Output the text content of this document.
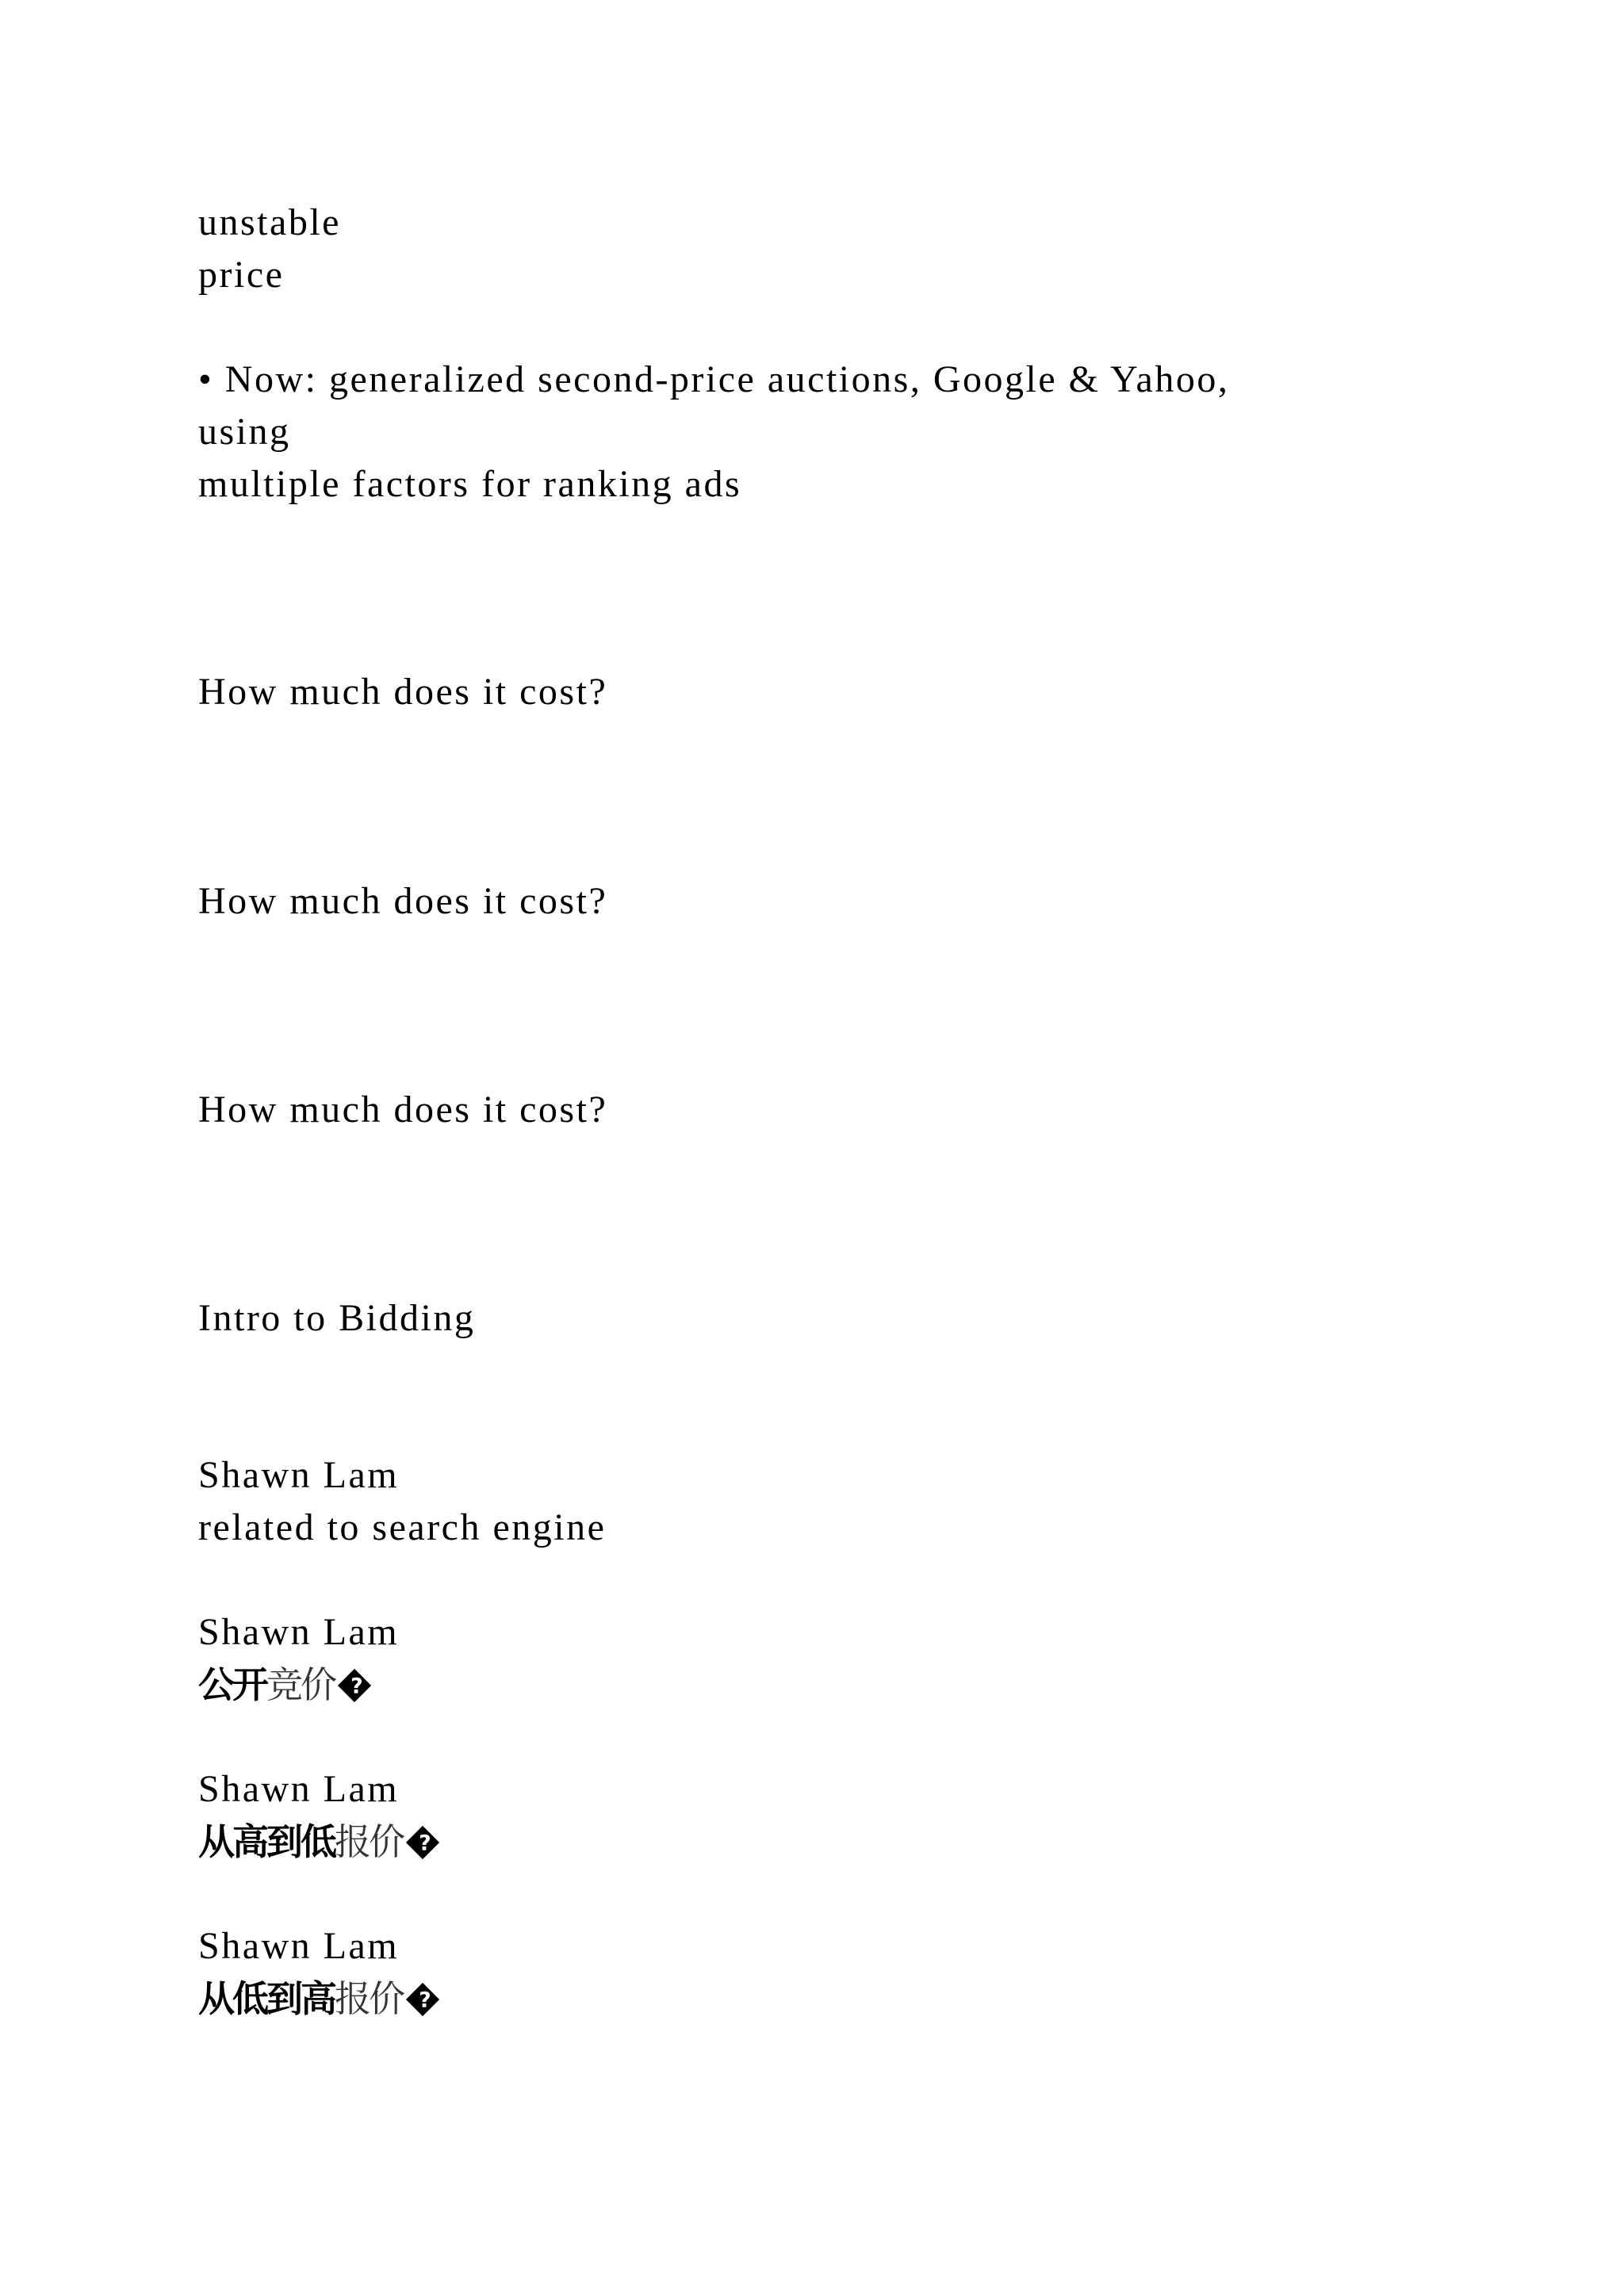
unstable
price
• Now: generalized second-price auctions, Google & Yahoo,
using
multiple factors for ranking ads
How much does it cost?
How much does it cost?
How much does it cost?
Intro to Bidding
Shawn Lam
related to search engine
Shawn Lam
公开竞价 ?
Shawn Lam
从高到低报价 ?
Shawn Lam
从低到高报价 ?
